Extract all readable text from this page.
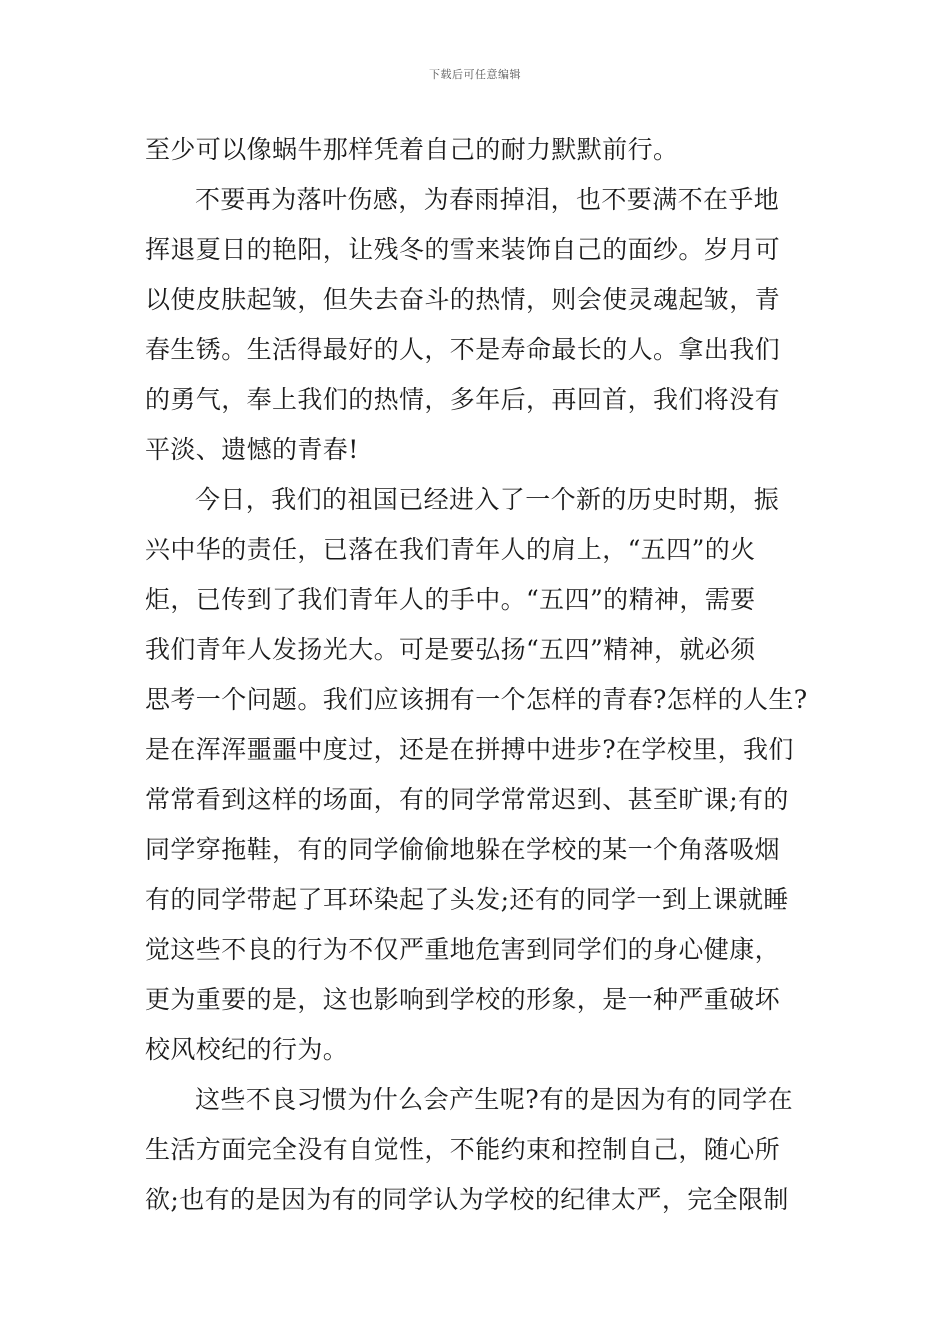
下载后可任意编辑
至少可以像蜗牛那样凭着自己的耐力默默前行。
不要再为落叶伤感，为春雨掉泪，也不要满不在乎地
挥退夏日的艳阳，让残冬的雪来装饰自己的面纱。岁月可
以使皮肤起皱，但失去奋斗的热情，则会使灵魂起皱，青
春生锈。生活得最好的人，不是寿命最长的人。拿出我们
的勇气，奉上我们的热情，多年后，再回首，我们将没有
平淡、遗憾的青春!
今日，我们的祖国已经进入了一个新的历史时期，振
兴中华的责任，已落在我们青年人的肩上，“五四”的火
炬，已传到了我们青年人的手中。“五四”的精神，需要
我们青年人发扬光大。可是要弘扬“五四”精神，就必须
思考一个问题。我们应该拥有一个怎样的青春?怎样的人生?
是在浑浑噩噩中度过，还是在拼搏中进步?在学校里，我们
常常看到这样的场面，有的同学常常迟到、甚至旷课;有的
同学穿拖鞋，有的同学偷偷地躲在学校的某一个角落吸烟
有的同学带起了耳环染起了头发;还有的同学一到上课就睡
觉这些不良的行为不仅严重地危害到同学们的身心健康，
更为重要的是，这也影响到学校的形象，是一种严重破坏
校风校纪的行为。
这些不良习惯为什么会产生呢?有的是因为有的同学在
生活方面完全没有自觉性，不能约束和控制自己，随心所
欲;也有的是因为有的同学认为学校的纪律太严，完全限制
